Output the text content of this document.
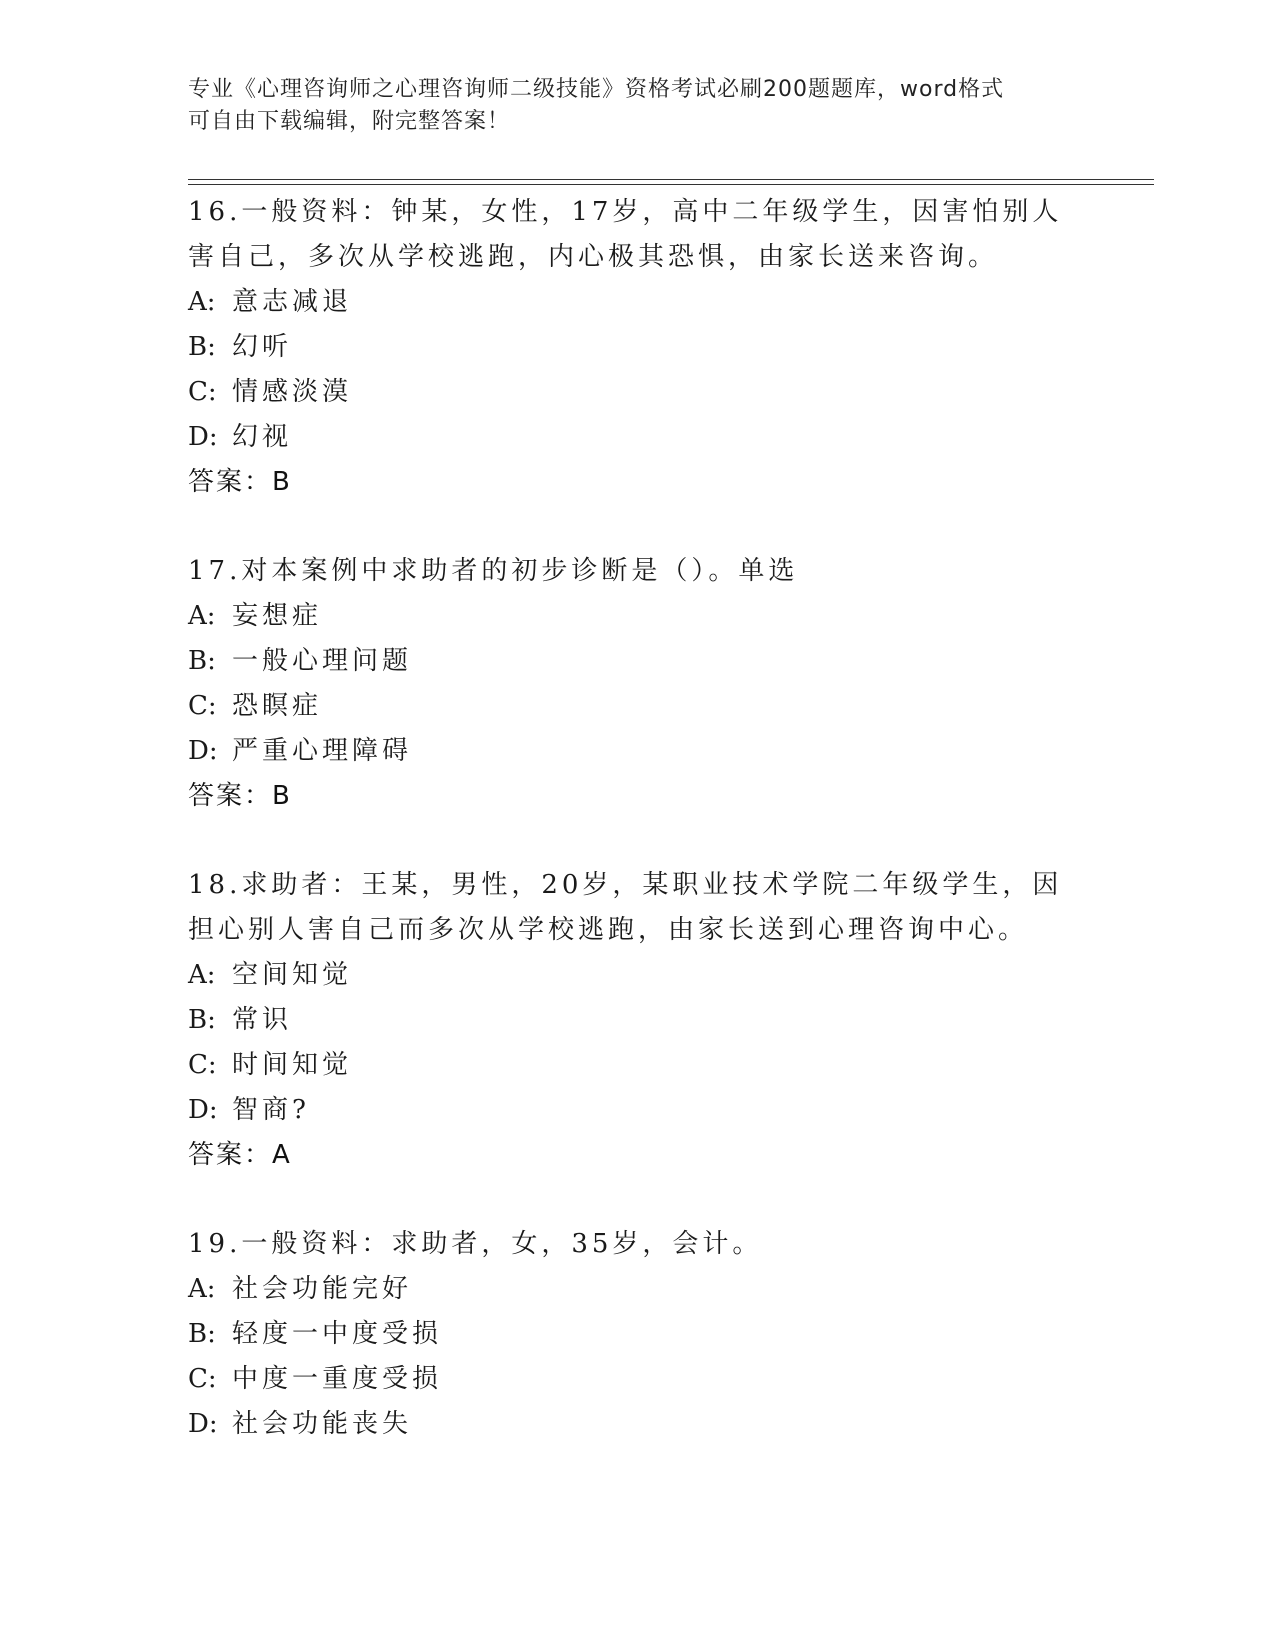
专业《心理咨询师之心理咨询师二级技能》资格考试必刷200题题库，word格式
可自由下载编辑，附完整答案！

16.一般资料：钟某，女性，17岁，高中二年级学生，因害怕别人害自己，多次从学校逃跑，内心极其恐惧，由家长送来咨询。

A: 意志减退
B: 幻听
C: 情感淡漠
D: 幻视
答案：B

17.对本案例中求助者的初步诊断是（）。单选

A: 妄想症
B: 一般心理问题
C: 恐瞑症
D: 严重心理障碍
答案：B

18.求助者：王某，男性，20岁，某职业技术学院二年级学生，因担心别人害自己而多次从学校逃跑，由家长送到心理咨询中心。

A: 空间知觉
B: 常识
C: 时间知觉
D: 智商?
答案：A

19.一般资料：求助者，女，35岁，会计。

A: 社会功能完好
B: 轻度一中度受损
C: 中度一重度受损
D: 社会功能丧失
